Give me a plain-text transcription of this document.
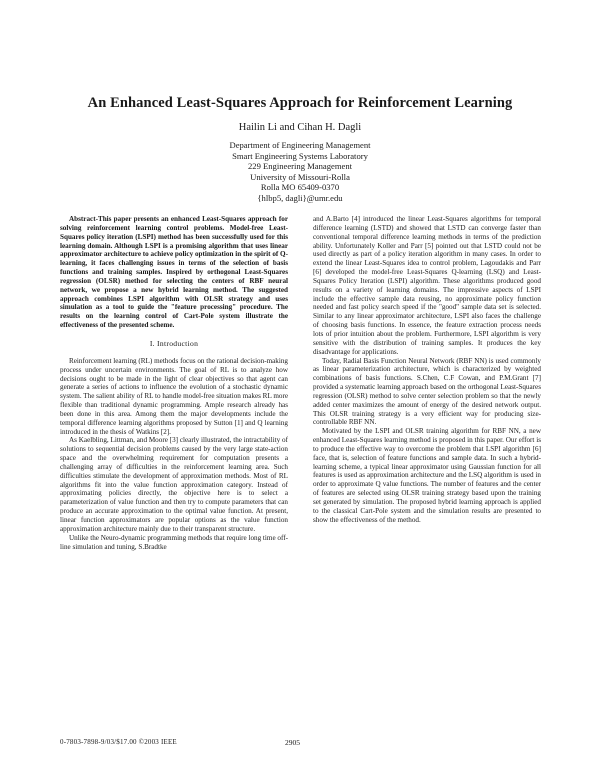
An Enhanced Least-Squares Approach for Reinforcement Learning
Hailin Li and Cihan H. Dagli
Department of Engineering Management
Smart Engineering Systems Laboratory
229 Engineering Management
University of Missouri-Rolla
Rolla MO 65409-0370
{hlbp5, dagli}@umr.edu

Abstract-This paper presents an enhanced Least-Squares approach for solving reinforcement learning control problems. Model-free Least-Squares policy iteration (LSPI) method has been successfully used for this learning domain. Although LSPI is a promising algorithm that uses linear approximator architecture to achieve policy optimization in the spirit of Q-learning, it faces challenging issues in terms of the selection of basis functions and training samples. Inspired by orthogonal Least-Squares regression (OLSR) method for selecting the centers of RBF neural network, we propose a new hybrid learning method. The suggested approach combines LSPI algorithm with OLSR strategy and uses simulation as a tool to guide the "feature processing" procedure. The results on the learning control of Cart-Pole system illustrate the effectiveness of the presented scheme.

I. Introduction

Reinforcement learning (RL) methods focus on the rational decision-making process under uncertain environments. The goal of RL is to analyze how decisions ought to be made in the light of clear objectives so that agent can generate a series of actions to influence the evolution of a stochastic dynamic system. The salient ability of RL to handle model-free situation makes RL more flexible than traditional dynamic programming. Ample research already has been done in this area. Among them the major developments include the temporal difference learning algorithms proposed by Sutton [1] and Q learning introduced in the thesis of Watkins [2].

As Kaelbling, Littman, and Moore [3] clearly illustrated, the intractability of solutions to sequential decision problems caused by the very large state-action space and the overwhelming requirement for computation presents a challenging array of difficulties in the reinforcement learning area. Such difficulties stimulate the development of approximation methods. Most of RL algorithms fit into the value function approximation category. Instead of approximating policies directly, the objective here is to select a parameterization of value function and then try to compute parameters that can produce an accurate approximation to the optimal value function. At present, linear function approximators are popular options as the value function approximation architecture mainly due to their transparent structure.

Unlike the Neuro-dynamic programming methods that require long time off-line simulation and tuning, S.Bradtke

and A.Barto [4] introduced the linear Least-Squares algorithms for temporal difference learning (LSTD) and showed that LSTD can converge faster than conventional temporal difference learning methods in terms of the prediction ability. Unfortunately Koller and Parr [5] pointed out that LSTD could not be used directly as part of a policy iteration algorithm in many cases. In order to extend the linear Least-Squares idea to control problem, Lagoudakis and Parr [6] developed the model-free Least-Squares Q-learning (LSQ) and Least-Squares Policy Iteration (LSPI) algorithm. These algorithms produced good results on a variety of learning domains. The impressive aspects of LSPI include the effective sample data reusing, no approximate policy function needed and fast policy search speed if the "good" sample data set is selected. Similar to any linear approximator architecture, LSPI also faces the challenge of choosing basis functions. In essence, the feature extraction process needs lots of prior intuition about the problem. Furthermore, LSPI algorithm is very sensitive with the distribution of training samples. It produces the key disadvantage for applications.

Today, Radial Basis Function Neural Network (RBF NN) is used commonly as linear parameterization architecture, which is characterized by weighted combinations of basis functions. S.Chen, C.F Cowan, and P.M.Grant [7] provided a systematic learning approach based on the orthogonal Least-Squares regression (OLSR) method to solve center selection problem so that the newly added center maximizes the amount of energy of the desired network output. This OLSR training strategy is a very efficient way for producing size-controllable RBF NN.

Motivated by the LSPI and OLSR training algorithm for RBF NN, a new enhanced Least-Squares learning method is proposed in this paper. Our effort is to produce the effective way to overcome the problem that LSPI algorithm [6] face, that is, selection of feature functions and sample data. In such a hybrid-learning scheme, a typical linear approximator using Gaussian function for all features is used as approximation architecture and the LSQ algorithm is used in order to approximate Q value functions. The number of features and the center of features are selected using OLSR training strategy based upon the training set generated by simulation. The proposed hybrid learning approach is applied to the classical Cart-Pole system and the simulation results are presented to show the effectiveness of the method.

0-7803-7898-9/03/$17.00 ©2003 IEEE	2905
